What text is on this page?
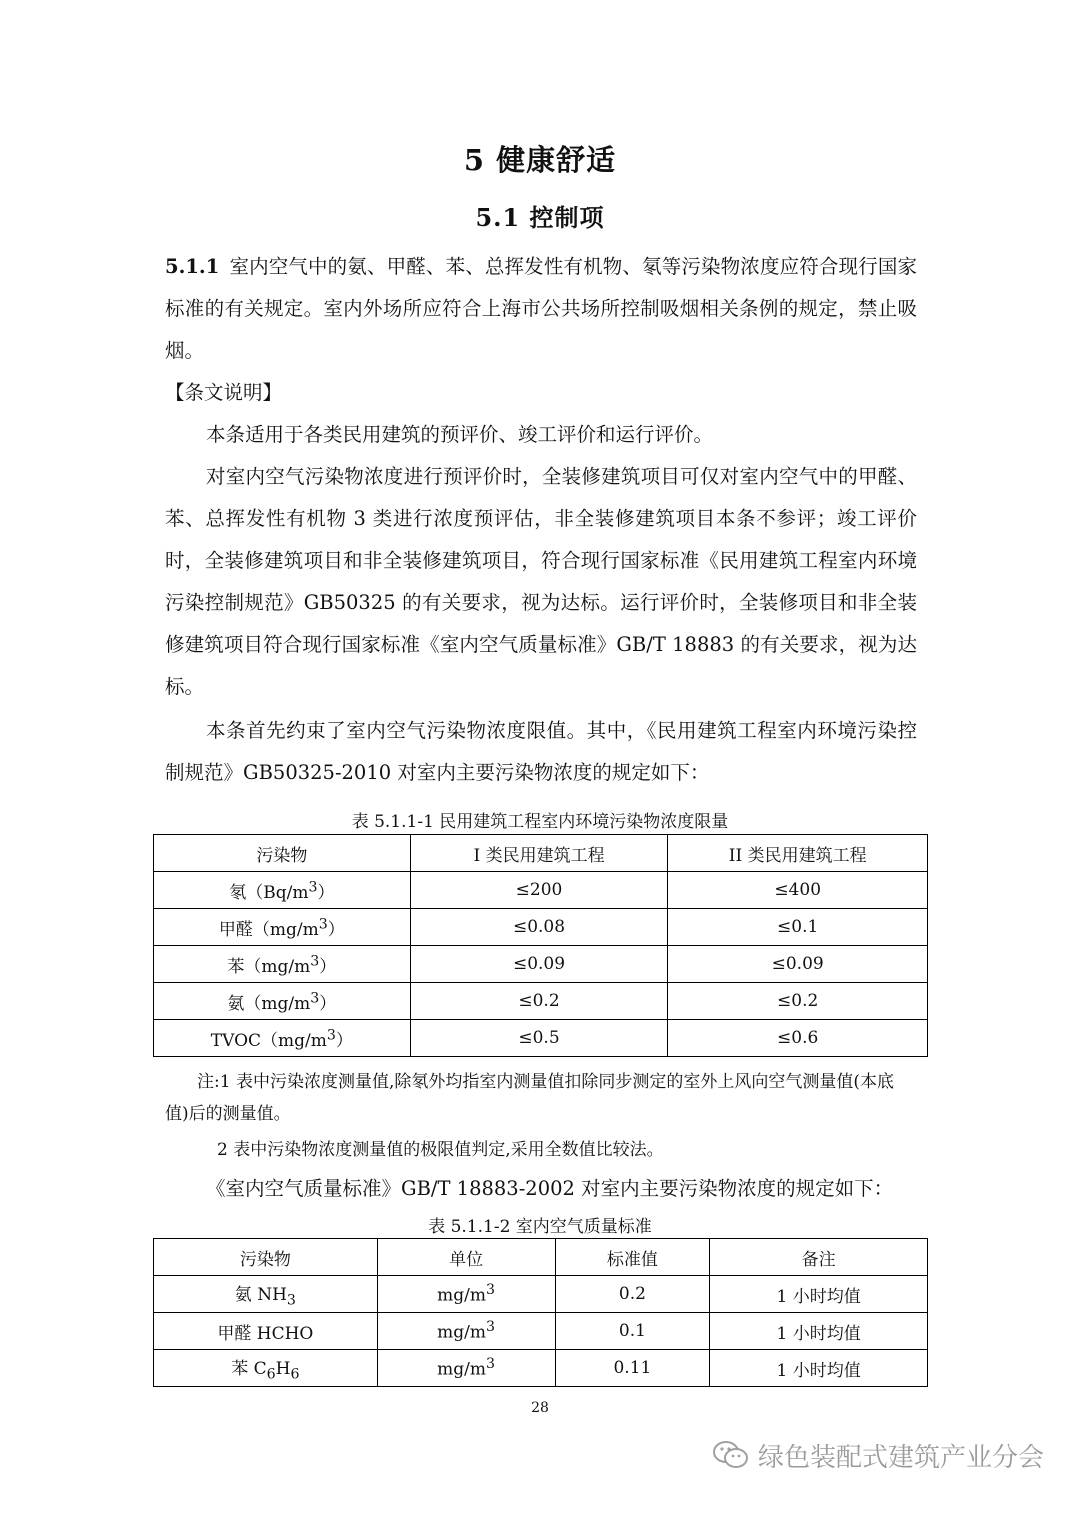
5 健康舒适
5.1 控制项

5.1.1 室内空气中的氨、甲醛、苯、总挥发性有机物、氡等污染物浓度应符合现行国家标准的有关规定。室内外场所应符合上海市公共场所控制吸烟相关条例的规定，禁止吸烟。

【条文说明】

本条适用于各类民用建筑的预评价、竣工评价和运行评价。

对室内空气污染物浓度进行预评价时，全装修建筑项目可仅对室内空气中的甲醛、苯、总挥发性有机物 3 类进行浓度预评估，非全装修建筑项目本条不参评；竣工评价时，全装修建筑项目和非全装修建筑项目，符合现行国家标准《民用建筑工程室内环境污染控制规范》GB50325 的有关要求，视为达标。运行评价时，全装修项目和非全装修建筑项目符合现行国家标准《室内空气质量标准》GB/T 18883 的有关要求，视为达标。

本条首先约束了室内空气污染物浓度限值。其中，《民用建筑工程室内环境污染控制规范》GB50325-2010 对室内主要污染物浓度的规定如下：

表 5.1.1-1 民用建筑工程室内环境污染物浓度限量

污染物	I 类民用建筑工程	II 类民用建筑工程
氡$(Bq/m^3)$	≤200	≤400
甲醛$(mg/m^3)$	≤0.08	≤0.1
苯$(mg/m^3)$	≤0.09	≤0.09
氨$(mg/m^3)$	≤0.2	≤0.2
$TVOC(mg/m^3)$	≤0.5	≤0.6

注:1 表中污染浓度测量值,除氡外均指室内测量值扣除同步测定的室外上风向空气测量值(本底值)后的测量值。

2 表中污染物浓度测量值的极限值判定,采用全数值比较法。

《室内空气质量标准》GB/T 18883-2002 对室内主要污染物浓度的规定如下：

表 5.1.1-2 室内空气质量标准

污染物	单位	标准值	备注
氨 $NH_3$	$mg/m^3$	0.2	1 小时均值
甲醛 HCHO	$mg/m^3$	0.1	1 小时均值
苯 $C_6H_6$	$mg/m^3$	0.11	1 小时均值
28
绿色装配式建筑产业分会
